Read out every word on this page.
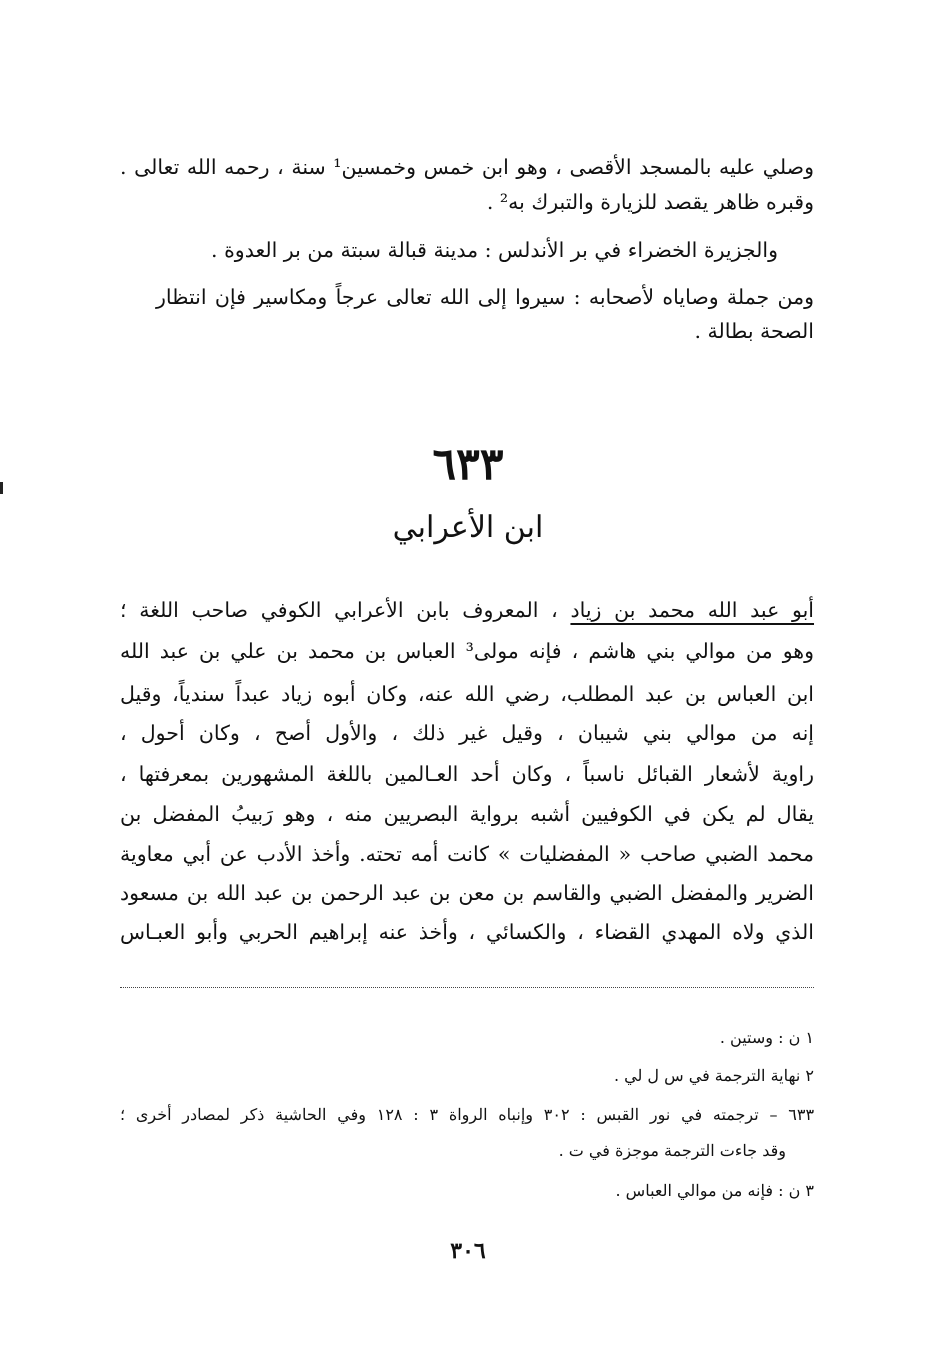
وصلي عليه بالمسجد الأقصى ، وهو ابن خمس وخمسين¹ سنة ، رحمه الله تعالى .
وقبره ظاهر يقصد للزيارة والتبرك به² .
والجزيرة الخضراء في بر الأندلس : مدينة قبالة سبتة من بر العدوة .
ومن جملة وصاياه لأصحابه : سيروا إلى الله تعالى عرجاً ومكاسير فإن انتظار
الصحة بطالة .
٦٣٣
ابن الأعرابي
أبو عبد الله محمد بن زياد ، المعروف بابن الأعرابي الكوفي صاحب اللغة ؛
وهو من موالي بني هاشم ، فإنه مولى³ العباس بن محمد بن علي بن عبد الله
ابن العباس بن عبد المطلب، رضي الله عنه، وكان أبوه زياد عبداً سندياً، وقيل
إنه من موالي بني شيبان ، وقيل غير ذلك ، والأول أصح ، وكان أحول ،
راوية لأشعار القبائل ناسباً ، وكان أحد العـالمين باللغة المشهورين بمعرفتها ،
يقال لم يكن في الكوفيين أشبه برواية البصريين منه ، وهو رَبيبُ المفضل بن
محمد الضبي صاحب « المفضليات » كانت أمه تحته. وأخذ الأدب عن أبي معاوية
الضرير والمفضل الضبي والقاسم بن معن بن عبد الرحمن بن عبد الله بن مسعود
الذي ولاه المهدي القضاء ، والكسائي ، وأخذ عنه إبراهيم الحربي وأبو العبـاس
١ ن : وستين .
٢ نهاية الترجمة في س ل لي .
٦٣٣ – ترجمته في نور القبس : ٣٠٢ وإنباه الرواة ٣ : ١٢٨ وفي الحاشية ذكر لمصادر أخرى ؛
وقد جاءت الترجمة موجزة في ت .
٣ ن : فإنه من موالي العباس .
٣٠٦
